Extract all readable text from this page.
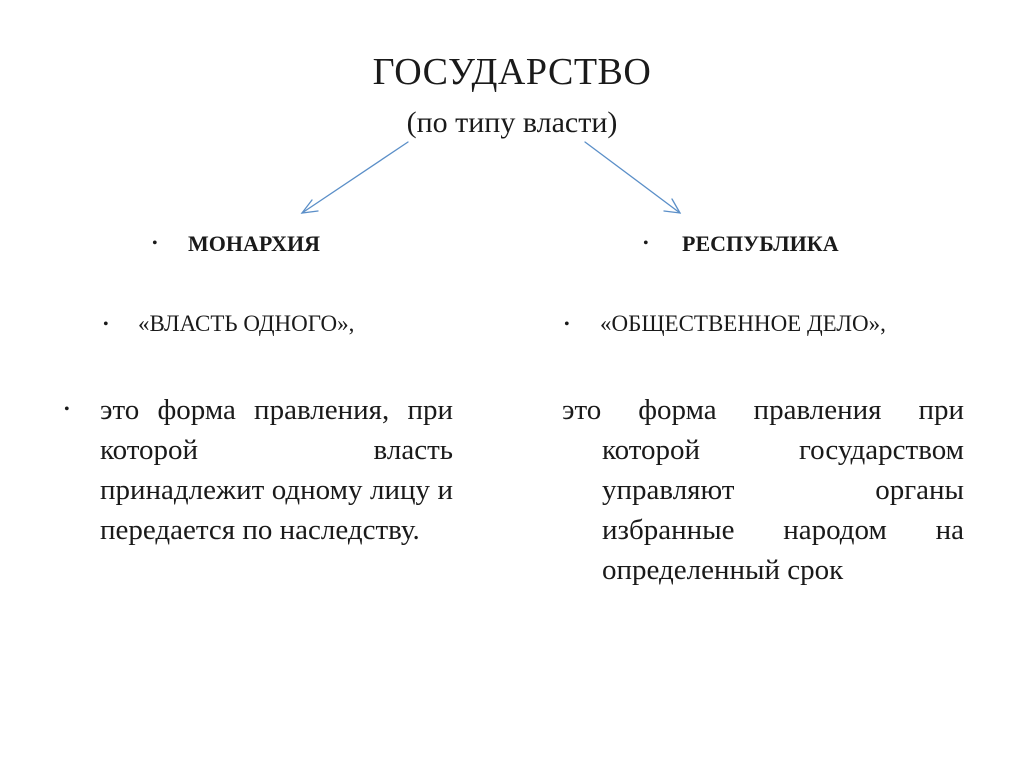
ГОСУДАРСТВО
(по типу власти)
• МОНАРХИЯ
• «ВЛАСТЬ ОДНОГО»,
• это форма правления, при которой власть принадлежит одному лицу и передается по наследству.
• РЕСПУБЛИКА
• «ОБЩЕСТВЕННОЕ ДЕЛО»,
это форма правления при которой государством управляют органы избранные народом на определенный срок
